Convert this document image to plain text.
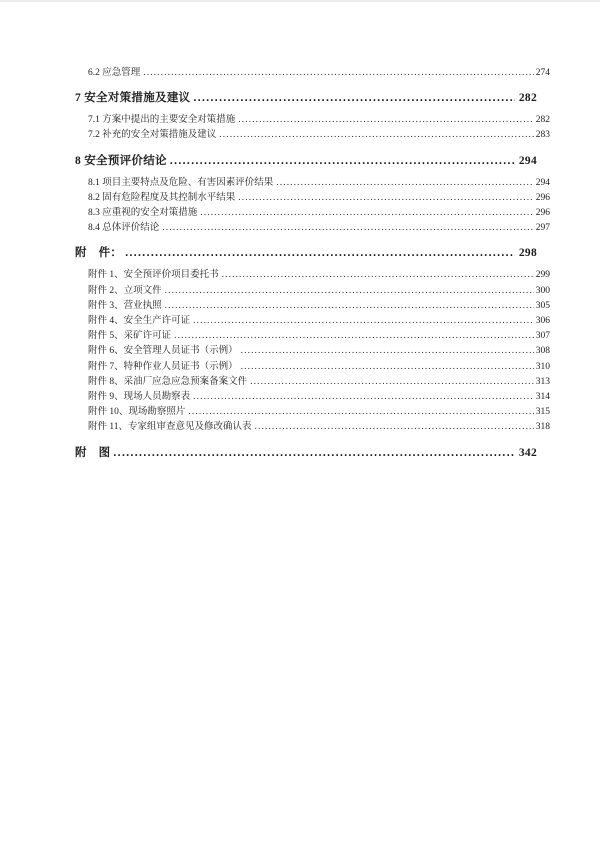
6.2 应急管理 .....	274
7 安全对策措施及建议 .....	282
7.1 方案中提出的主要安全对策措施 .....	282
7.2 补充的安全对策措施及建议 .....	283
8 安全预评价结论 .....	294
8.1 项目主要特点及危险、有害因素评价结果 .....	294
8.2 固有危险程度及其控制水平结果 .....	296
8.3 应重视的安全对策措施 .....	296
8.4 总体评价结论 .....	297
附　件： .....	298
附件 1、安全预评价项目委托书 .....	299
附件 2、立项文件 .....	300
附件 3、营业执照 .....	305
附件 4、安全生产许可证 .....	306
附件 5、采矿许可证 .....	307
附件 6、安全管理人员证书（示例） .....	308
附件 7、特种作业人员证书（示例） .....	310
附件 8、采油厂应急应急预案备案文件 .....	313
附件 9、现场人员勘察表 .....	314
附件 10、现场勘察照片 .....	315
附件 11、专家组审查意见及修改确认表 .....	318
附　图 .....	342
